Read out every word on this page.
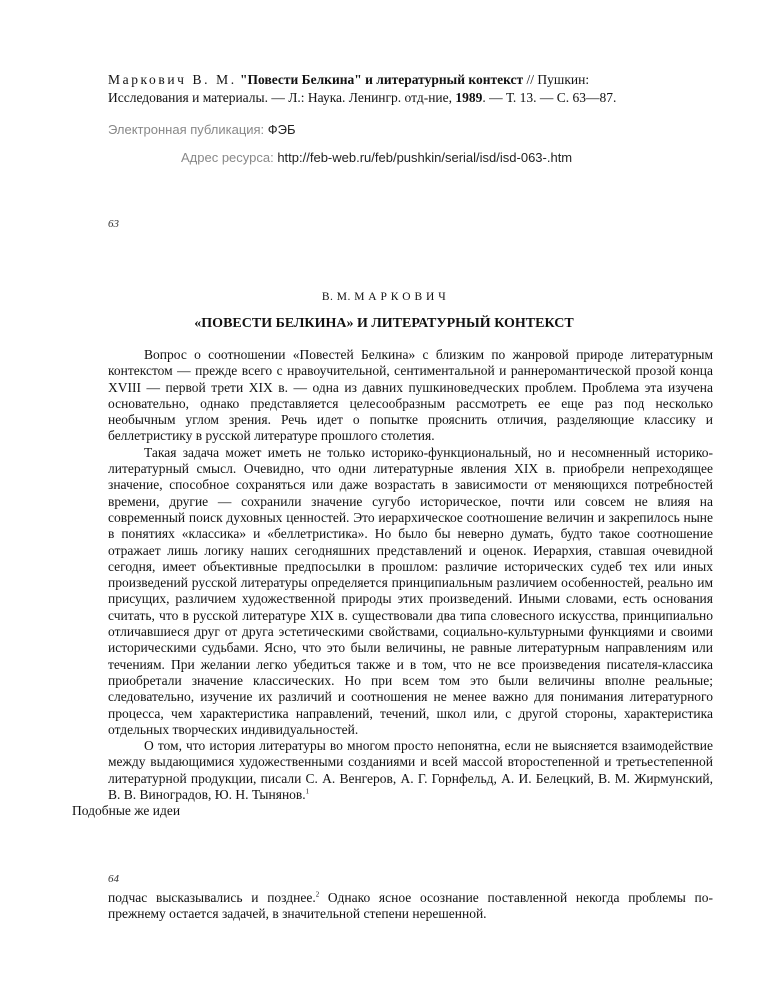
Маркович В. М. "Повести Белкина" и литературный контекст // Пушкин:
Исследования и материалы. — Л.: Наука. Ленингр. отд-ние, 1989. — Т. 13. — С. 63—87.
Электронная публикация: ФЭБ
Адрес ресурса: http://feb-web.ru/feb/pushkin/serial/isd/isd-063-.htm
63
В. М. М А Р К О В И Ч
«ПОВЕСТИ БЕЛКИНА» И ЛИТЕРАТУРНЫЙ КОНТЕКСТ

Вопрос о соотношении «Повестей Белкина» с близким по жанровой природе литературным контекстом — прежде всего с нравоучительной, сентиментальной и раннеромантической прозой конца XVIII — первой трети XIX в. — одна из давних пушкиноведческих проблем. Проблема эта изучена основательно, однако представляется целесообразным рассмотреть ее еще раз под несколько необычным углом зрения. Речь идет о попытке прояснить отличия, разделяющие классику и беллетристику в русской литературе прошлого столетия.

Такая задача может иметь не только историко-функциональный, но и несомненный историко-литературный смысл. Очевидно, что одни литературные явления XIX в. приобрели непреходящее значение, способное сохраняться или даже возрастать в зависимости от меняющихся потребностей времени, другие — сохранили значение сугубо историческое, почти или совсем не влияя на современный поиск духовных ценностей. Это иерархическое соотношение величин и закрепилось ныне в понятиях «классика» и «беллетристика». Но было бы неверно думать, будто такое соотношение отражает лишь логику наших сегодняшних представлений и оценок. Иерархия, ставшая очевидной сегодня, имеет объективные предпосылки в прошлом: различие исторических судеб тех или иных произведений русской литературы определяется принципиальным различием особенностей, реально им присущих, различием художественной природы этих произведений. Иными словами, есть основания считать, что в русской литературе XIX в. существовали два типа словесного искусства, принципиально отличавшиеся друг от друга эстетическими свойствами, социально-культурными функциями и своими историческими судьбами. Ясно, что это были величины, не равные литературным направлениям или течениям. При желании легко убедиться также и в том, что не все произведения писателя-классика приобретали значение классических. Но при всем том это были величины вполне реальные; следовательно, изучение их различий и соотношения не менее важно для понимания литературного процесса, чем характеристика направлений, течений, школ или, с другой стороны, характеристика отдельных творческих индивидуальностей.

О том, что история литературы во многом просто непонятна, если не выясняется взаимодействие между выдающимися художественными созданиями и всей массой второстепенной и третьестепенной литературной продукции, писали С. А. Венгеров, А. Г. Горнфельд, А. И. Белецкий, В. М. Жирмунский, В. В. Виноградов, Ю. Н. Тынянов.$^1$
Подобные же идеи

64

подчас высказывались и позднее.$^2$ Однако ясное осознание поставленной некогда проблемы по-прежнему остается задачей, в значительной степени нерешенной.
